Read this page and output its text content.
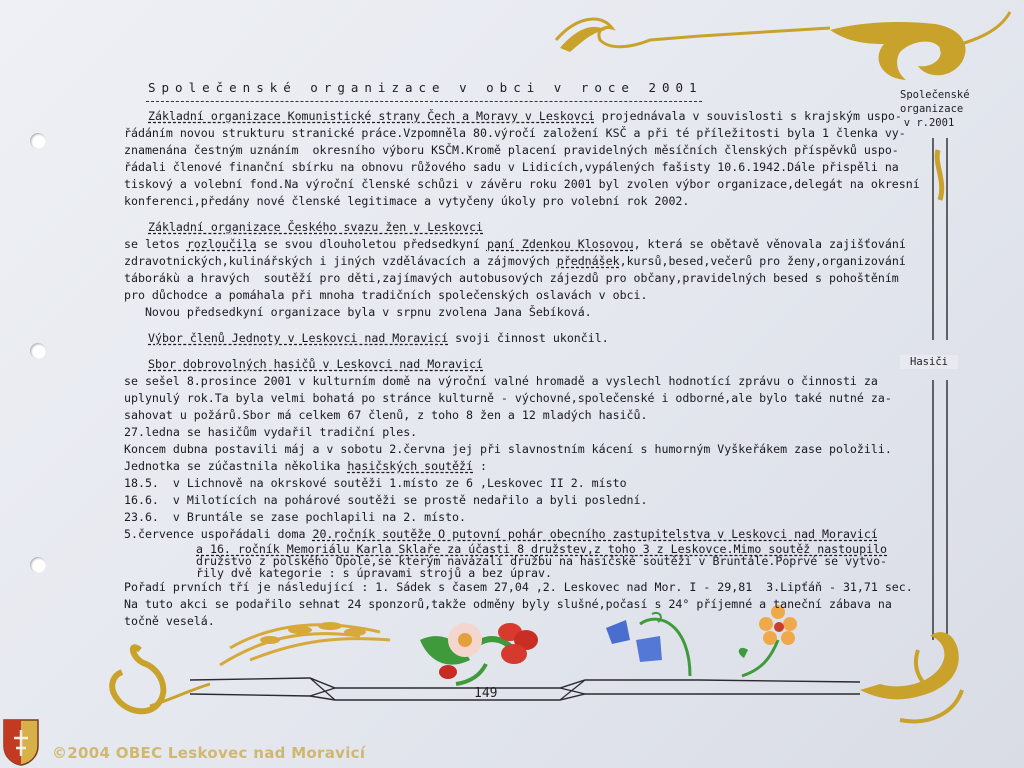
Společenské organizace v obci v roce 2001

Základní organizace Komunistické strany Čech a Moravy v Leskovci projednávala v souvislosti s krajským uspo-

řádáním novou strukturu stranické práce.Vzpomněla 80.výročí založení KSČ a při té příležitosti byla 1 členka vy-

znamenána čestným uznáním  okresního výboru KSČM.Kromě placení pravidelných měsíčních členských příspěvků uspo-

řádali členové finanční sbírku na obnovu růžového sadu v Lidicích,vypálených fašisty 10.6.1942.Dále přispěli na

tiskový a volební fond.Na výroční členské schůzi v závěru roku 2001 byl zvolen výbor organizace,delegát na okresní

konferenci,předány nové členské legitimace a vytyčeny úkoly pro volební rok 2002.

Základní organizace Českého svazu žen v Leskovci

se letos rozloučila se svou dlouholetou předsedkyní paní Zdenkou Klosovou, která se obětavě věnovala zajišťování

zdravotnických,kulinářských i jiných vzdělávacích a zájmových přednášek,kursů,besed,večerů pro ženy,organizování

táborákù a hravých  soutěží pro děti,zajímavých autobusových zájezdů pro občany,pravidelných besed s pohoštěním

pro důchodce a pomáhala při mnoha tradičních společenských oslavách v obci.

Novou předsedkyní organizace byla v srpnu zvolena Jana Šebíková.

Výbor členů Jednoty v Leskovci nad Moravicí svoji činnost ukončil.

Sbor dobrovolných hasičů v Leskovci nad Moravicí

se sešel 8.prosince 2001 v kulturním domě na výroční valné hromadě a vyslechl hodnotící zprávu o činnosti za

uplynulý rok.Ta byla velmi bohatá po stránce kulturně - výchovné,společenské i odborné,ale bylo také nutné za-

sahovat u požárů.Sbor má celkem 67 členů, z toho 8 žen a 12 mladých hasičů.

27.ledna se hasičům vydařil tradiční ples.

Koncem dubna postavili máj a v sobotu 2.června jej při slavnostním kácení s humorným Vyškeřákem zase položili.

Jednotka se zúčastnila několika hasičských soutěží :

18.5.  v Lichnově na okrskové soutěži 1.místo ze 6 ,Leskovec II 2. místo

16.6.  v Milotících na pohárové soutěži se prostě nedařilo a byli poslední.

23.6.  v Bruntále se zase pochlapili na 2. místo.

5.července uspořádali doma 20.ročník soutěže O putovní pohár obecního zastupitelstva v Leskovci nad Moravicí

a 16. ročník Memoriálu Karla Sklaře za účasti 8 družstev,z toho 3 z Leskovce.Mimo soutěž nastoupilo

družstvo z polského Opole,se kterým navázali družbu na hasičské soutěži v Bruntále.Poprvé se vytvo-

řily dvě kategorie : s úpravami strojů a bez úprav.

Pořadí prvních tří je následující : 1. Sádek s časem 27,04 ,2. Leskovec nad Mor. I - 29,81  3.Lipťáň - 31,71 sec.

Na tuto akci se podařilo sehnat 24 sponzorů,takže odměny byly slušné,počasí s 24° příjemné a taneční zábava na

točně veselá.

Společenské
organizace
v r.2001
Hasiči
149
©2004 OBEC Leskovec nad Moravicí
